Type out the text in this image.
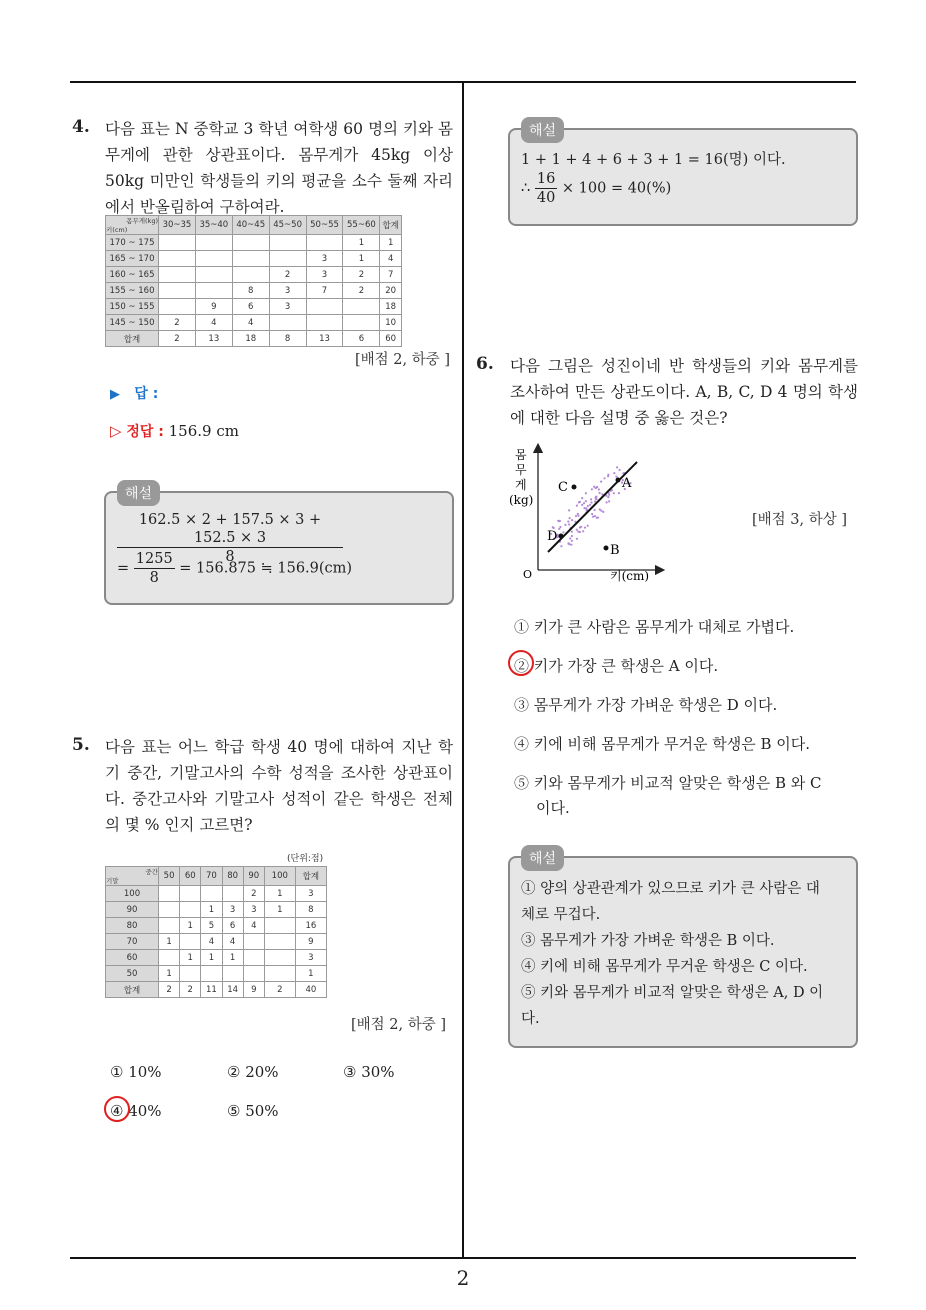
4. 다음 표는 N 중학교 3 학년 여학생 60 명의 키와 몸무게에 관한 상관표이다. 몸무게가 45kg 이상 50kg 미만인 학생들의 키의 평균을 소수 둘째 자리에서 반올림하여 구하여라.
몸무게(kg)
키(cm)	30~35	35~40	40~45	45~50	50~55	55~60	합계
170 ~ 175						1	1
165 ~ 170					3	1	4
160 ~ 165				2	3	2	7
155 ~ 160			8	3	7	2	20
150 ~ 155		9	6	3			18
145 ~ 150	2	4	4				10
합계	2	13	18	8	13	6	60
[배점 2, 하중 ]
▶ 답 :
▷ 정답 : 156.9 cm
해설
$\frac{162.5 \times 2 + 157.5 \times 3 + 152.5 \times 3}{8}$
= $\frac{1255}{8} = 156.875$ ≒ 156.9(cm)
5. 다음 표는 어느 학급 학생 40 명에 대하여 지난 학기 중간, 기말고사의 수학 성적을 조사한 상관표이다. 중간고사와 기말고사 성적이 같은 학생은 전체의 몇 % 인지 고르면?
(단위:점)
중간
기말	50	60	70	80	90	100	합계
100					2	1	3
90			1	3	3	1	8
80		1	5	6	4		16
70	1		4	4			9
60		1	1	1			3
50	1						1
합계	2	2	11	14	9	2	40
[배점 2, 하중 ]
① 10%	② 20%	③ 30%
④ 40%	⑤ 50%
해설
1 + 1 + 4 + 6 + 3 + 1 = 16(명) 이다.
∴ $\frac{16}{40} \times 100 = 40(\%)$
6. 다음 그림은 성진이네 반 학생들의 키와 몸무게를 조사하여 만든 상관도이다. A, B, C, D 4 명의 학생에 대한 다음 설명 중 옳은 것은?
C	A
D
B
O	키(cm)
몸
무
게
(kg)
[배점 3, 하상 ]
① 키가 큰 사람은 몸무게가 대체로 가볍다.
② 키가 가장 큰 학생은 A 이다.
③ 몸무게가 가장 가벼운 학생은 D 이다.
④ 키에 비해 몸무게가 무거운 학생은 B 이다.
⑤ 키와 몸무게가 비교적 알맞은 학생은 B 와 C
이다.
해설
① 양의 상관관계가 있으므로 키가 큰 사람은 대
체로 무겁다.
③ 몸무게가 가장 가벼운 학생은 B 이다.
④ 키에 비해 몸무게가 무거운 학생은 C 이다.
⑤ 키와 몸무게가 비교적 알맞은 학생은 A, D 이
다.
2
